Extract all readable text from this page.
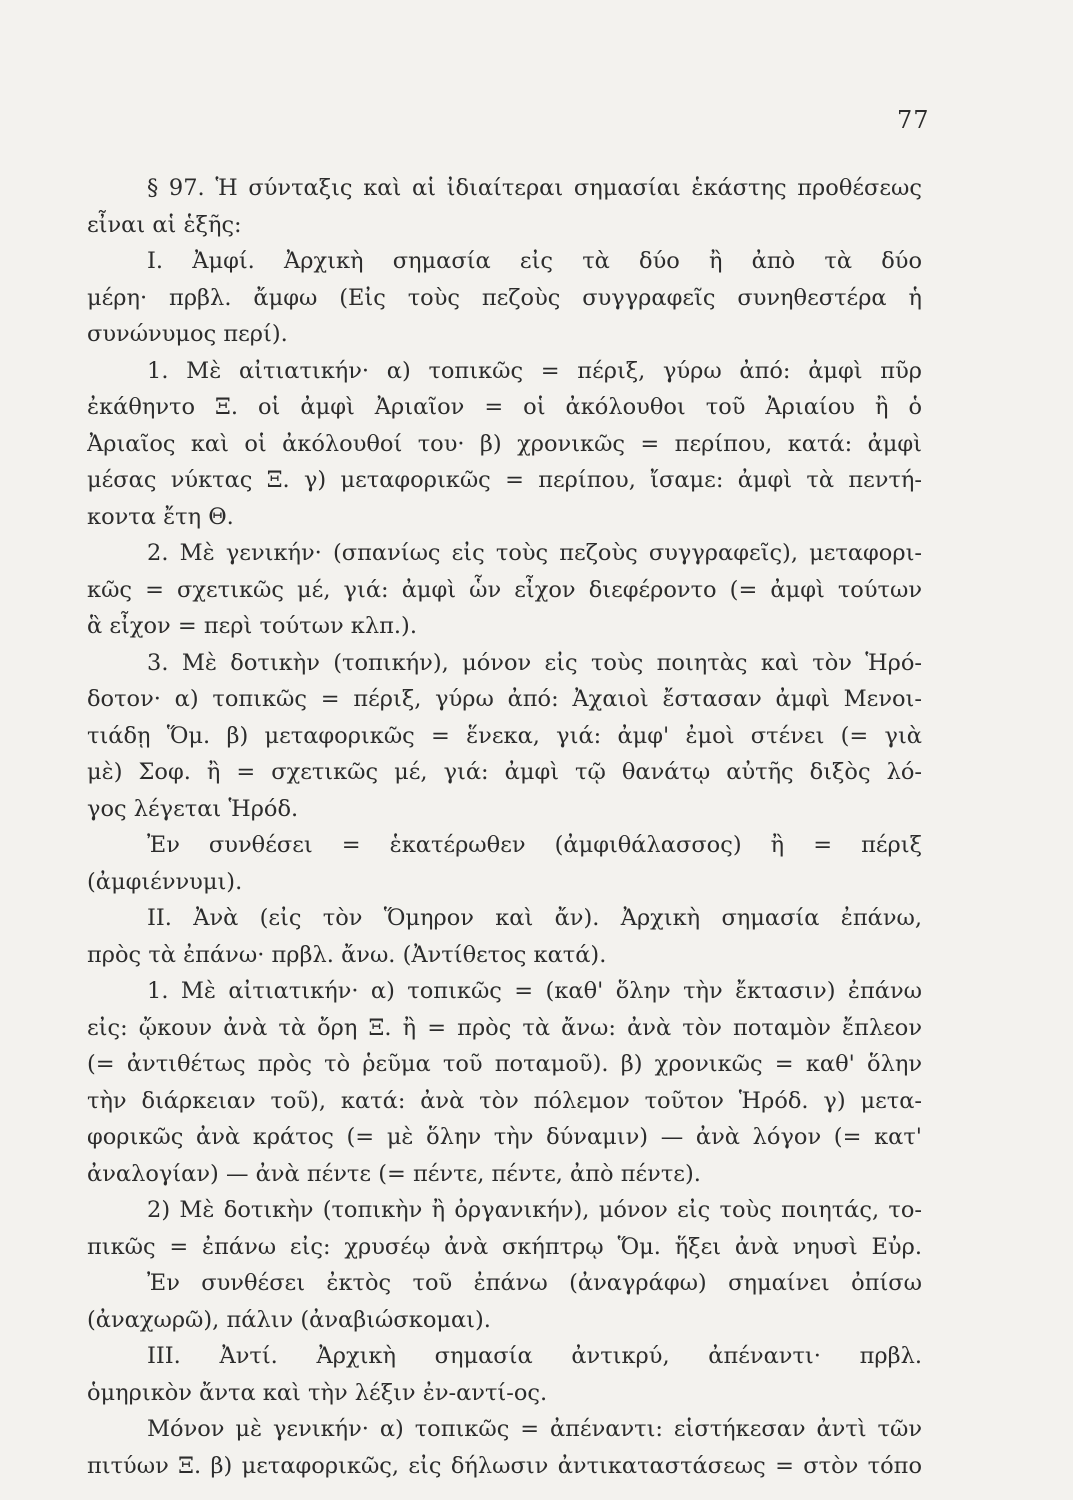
77
§ 97. Ἡ σύνταξις καὶ αἱ ἰδιαίτεραι σημασίαι ἑκάστης προθέσεως
εἶναι αἱ ἑξῆς:
I. Ἀμφί. Ἀρχικὴ σημασία εἰς τὰ δύο ἢ ἀπὸ τὰ δύο
μέρη· πρβλ. ἄμφω (Εἰς τοὺς πεζοὺς συγγραφεῖς συνηθεστέρα ἡ
συνώνυμος περί).
1. Μὲ αἰτιατικήν· α) τοπικῶς = πέριξ, γύρω ἀπό: ἀμφὶ πῦρ
ἐκάθηντο Ξ. οἱ ἀμφὶ Ἀριαῖον = οἱ ἀκόλουθοι τοῦ Ἀριαίου ἢ ὁ
Ἀριαῖος καὶ οἱ ἀκόλουθοί του· β) χρονικῶς = περίπου, κατά: ἀμφὶ
μέσας νύκτας Ξ. γ) μεταφορικῶς = περίπου, ἴσαμε: ἀμφὶ τὰ πεντή-
κοντα ἔτη Θ.
2. Μὲ γενικήν· (σπανίως εἰς τοὺς πεζοὺς συγγραφεῖς), μεταφορι-
κῶς = σχετικῶς μέ, γιά: ἀμφὶ ὧν εἶχον διεφέροντο (= ἀμφὶ τούτων
ἃ εἶχον = περὶ τούτων κλπ.).
3. Μὲ δοτικὴν (τοπικήν), μόνον εἰς τοὺς ποιητὰς καὶ τὸν Ἡρό-
δοτον· α) τοπικῶς = πέριξ, γύρω ἀπό: Ἀχαιοὶ ἔστασαν ἀμφὶ Μενοι-
τιάδῃ Ὅμ. β) μεταφορικῶς = ἕνεκα, γιά: ἀμφ' ἐμοὶ στένει (= γιὰ
μὲ) Σοφ. ἢ = σχετικῶς μέ, γιά: ἀμφὶ τῷ θανάτῳ αὐτῆς διξὸς λό-
γος λέγεται Ἡρόδ.
Ἐν συνθέσει = ἑκατέρωθεν (ἀμφιθάλασσος) ἢ = πέριξ
(ἀμφιέννυμι).
II. Ἀνὰ (εἰς τὸν Ὅμηρον καὶ ἄν). Ἀρχικὴ σημασία ἐπάνω,
πρὸς τὰ ἐπάνω· πρβλ. ἄνω. (Ἀντίθετος κατά).
1. Μὲ αἰτιατικήν· α) τοπικῶς = (καθ' ὅλην τὴν ἔκτασιν) ἐπάνω
εἰς: ᾤκουν ἀνὰ τὰ ὄρη Ξ. ἢ = πρὸς τὰ ἄνω: ἀνὰ τὸν ποταμὸν ἔπλεον
(= ἀντιθέτως πρὸς τὸ ῥεῦμα τοῦ ποταμοῦ). β) χρονικῶς = καθ' ὅλην
τὴν διάρκειαν τοῦ), κατά: ἀνὰ τὸν πόλεμον τοῦτον Ἡρόδ. γ) μετα-
φορικῶς ἀνὰ κράτος (= μὲ ὅλην τὴν δύναμιν) — ἀνὰ λόγον (= κατ'
ἀναλογίαν) — ἀνὰ πέντε (= πέντε, πέντε, ἀπὸ πέντε).
2) Μὲ δοτικὴν (τοπικὴν ἢ ὀργανικήν), μόνον εἰς τοὺς ποιητάς, το-
πικῶς = ἐπάνω εἰς: χρυσέῳ ἀνὰ σκήπτρῳ Ὅμ. ἥξει ἀνὰ νηυσὶ Εὐρ.
Ἐν συνθέσει ἐκτὸς τοῦ ἐπάνω (ἀναγράφω) σημαίνει ὀπίσω
(ἀναχωρῶ), πάλιν (ἀναβιώσκομαι).
III. Ἀντί. Ἀρχικὴ σημασία ἀντικρύ, ἀπέναντι· πρβλ.
ὁμηρικὸν ἄντα καὶ τὴν λέξιν ἐν-αντί-ος.
Μόνον μὲ γενικήν· α) τοπικῶς = ἀπέναντι: εἱστήκεσαν ἀντὶ τῶν
πιτύων Ξ. β) μεταφορικῶς, εἰς δήλωσιν ἀντικαταστάσεως = στὸν τόπο
